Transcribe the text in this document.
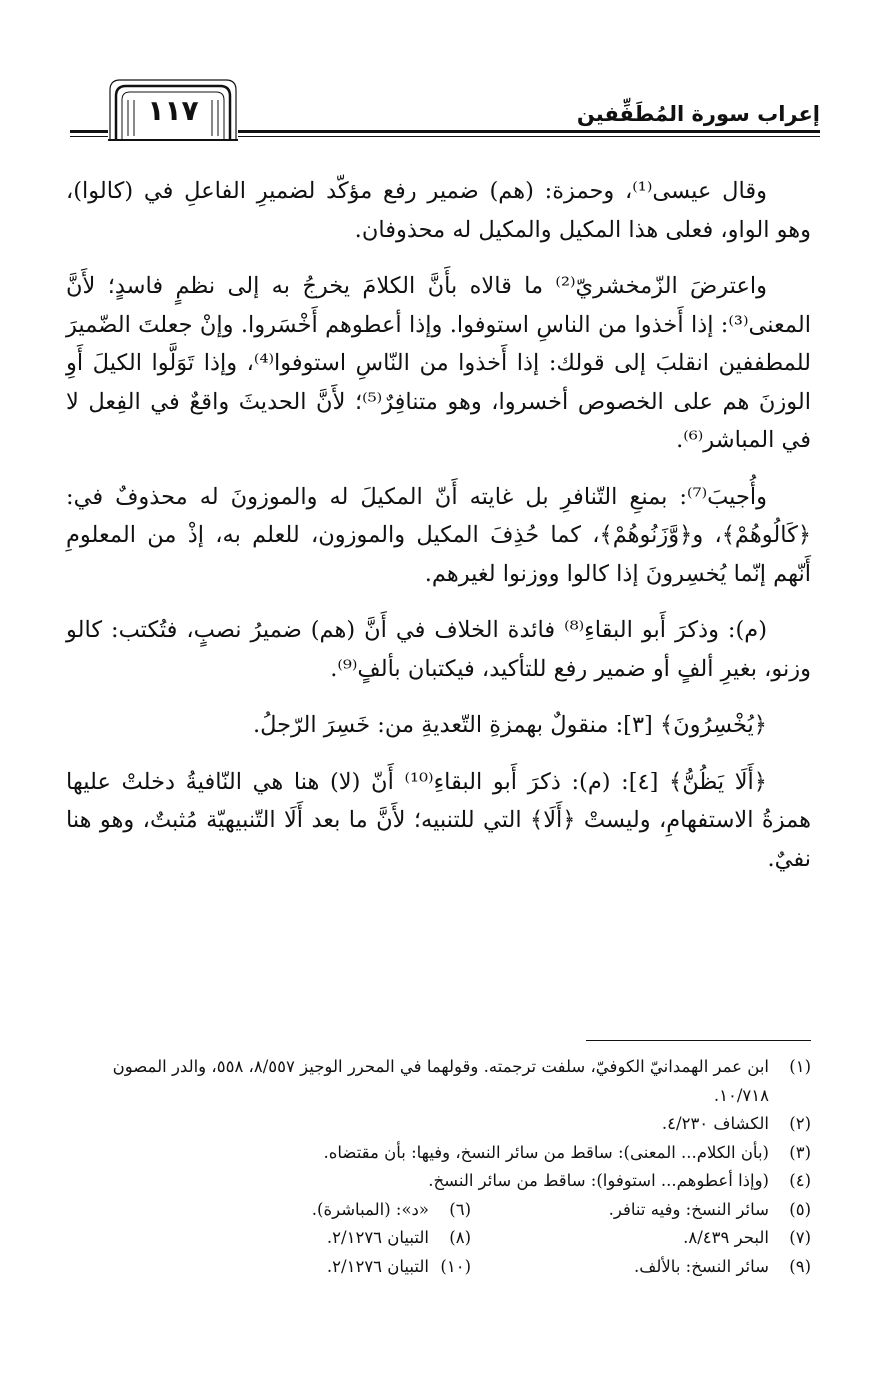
إعراب سورة المُطَفِّفين
١١٧

وقال عيسى⁽¹⁾، وحمزة: (هم) ضمير رفع مؤكّد لضميرِ الفاعلِ في (كالوا)، وهو الواو، فعلى هذا المكيل والمكيل له محذوفان.

واعترضَ الزّمخشريّ⁽²⁾ ما قالاه بأَنَّ الكلامَ يخرجُ به إلى نظمٍ فاسدٍ؛ لأَنَّ المعنى⁽³⁾: إذا أَخذوا من الناسِ استوفوا. وإذا أعطوهم أَخْسَروا. وإنْ جعلتَ الضّميرَ للمطففين انقلبَ إلى قولك: إذا أَخذوا من النّاسِ استوفوا⁽⁴⁾، وإذا تَوَلَّوا الكيلَ أَوِ الوزنَ هم على الخصوص أخسروا، وهو متنافِرٌ⁽⁵⁾؛ لأَنَّ الحديثَ واقعٌ في الفِعل لا في المباشر⁽⁶⁾.

وأُجيبَ⁽⁷⁾: بمنعِ التّنافرِ بل غايته أَنّ المكيلَ له والموزونَ له محذوفٌ في: ﴿كَالُوهُمْ﴾، و﴿وَّزَنُوهُمْ﴾، كما حُذِفَ المكيل والموزون، للعلم به، إذْ من المعلومِ أَنّهم إنّما يُخسِرونَ إذا كالوا ووزنوا لغيرهم.

(م): وذكرَ أَبو البقاءِ⁽⁸⁾ فائدة الخلاف في أَنَّ (هم) ضميرُ نصبٍ، فتُكتب: كالو وزنو، بغيرِ ألفٍ أو ضمير رفع للتأكيد، فيكتبان بألفٍ⁽⁹⁾.

﴿يُخْسِرُونَ﴾ [٣]: منقولٌ بهمزةِ التّعديةِ من: خَسِرَ الرّجلُ.

﴿أَلَا يَظُنُّ﴾ [٤]: (م): ذكرَ أَبو البقاءِ⁽¹⁰⁾ أَنّ (لا) هنا هي النّافيةُ دخلتْ عليها همزةُ الاستفهامِ، وليستْ ﴿أَلَا﴾ التي للتنبيه؛ لأَنَّ ما بعد أَلَا التّنبيهيّة مُثبتٌ، وهو هنا نفيٌ.

(١)
ابن عمر الهمدانيّ الكوفيّ، سلفت ترجمته. وقولهما في المحرر الوجيز ٨/٥٥٧، ٥٥٨، والدر المصون ١٠/٧١٨.
(٢)
الكشاف ٤/٢٣٠.
(٣)
(بأن الكلام... المعنى): ساقط من سائر النسخ، وفيها: بأن مقتضاه.
(٤)
(وإذا أعطوهم... استوفوا): ساقط من سائر النسخ.
(٥)
سائر النسخ: وفيه تنافر.
(٦)
«د»: (المباشرة).
(٧)
البحر ٨/٤٣٩.
(٨)
التبيان ٢/١٢٧٦.
(٩)
سائر النسخ: بالألف.
(١٠)
التبيان ٢/١٢٧٦.
